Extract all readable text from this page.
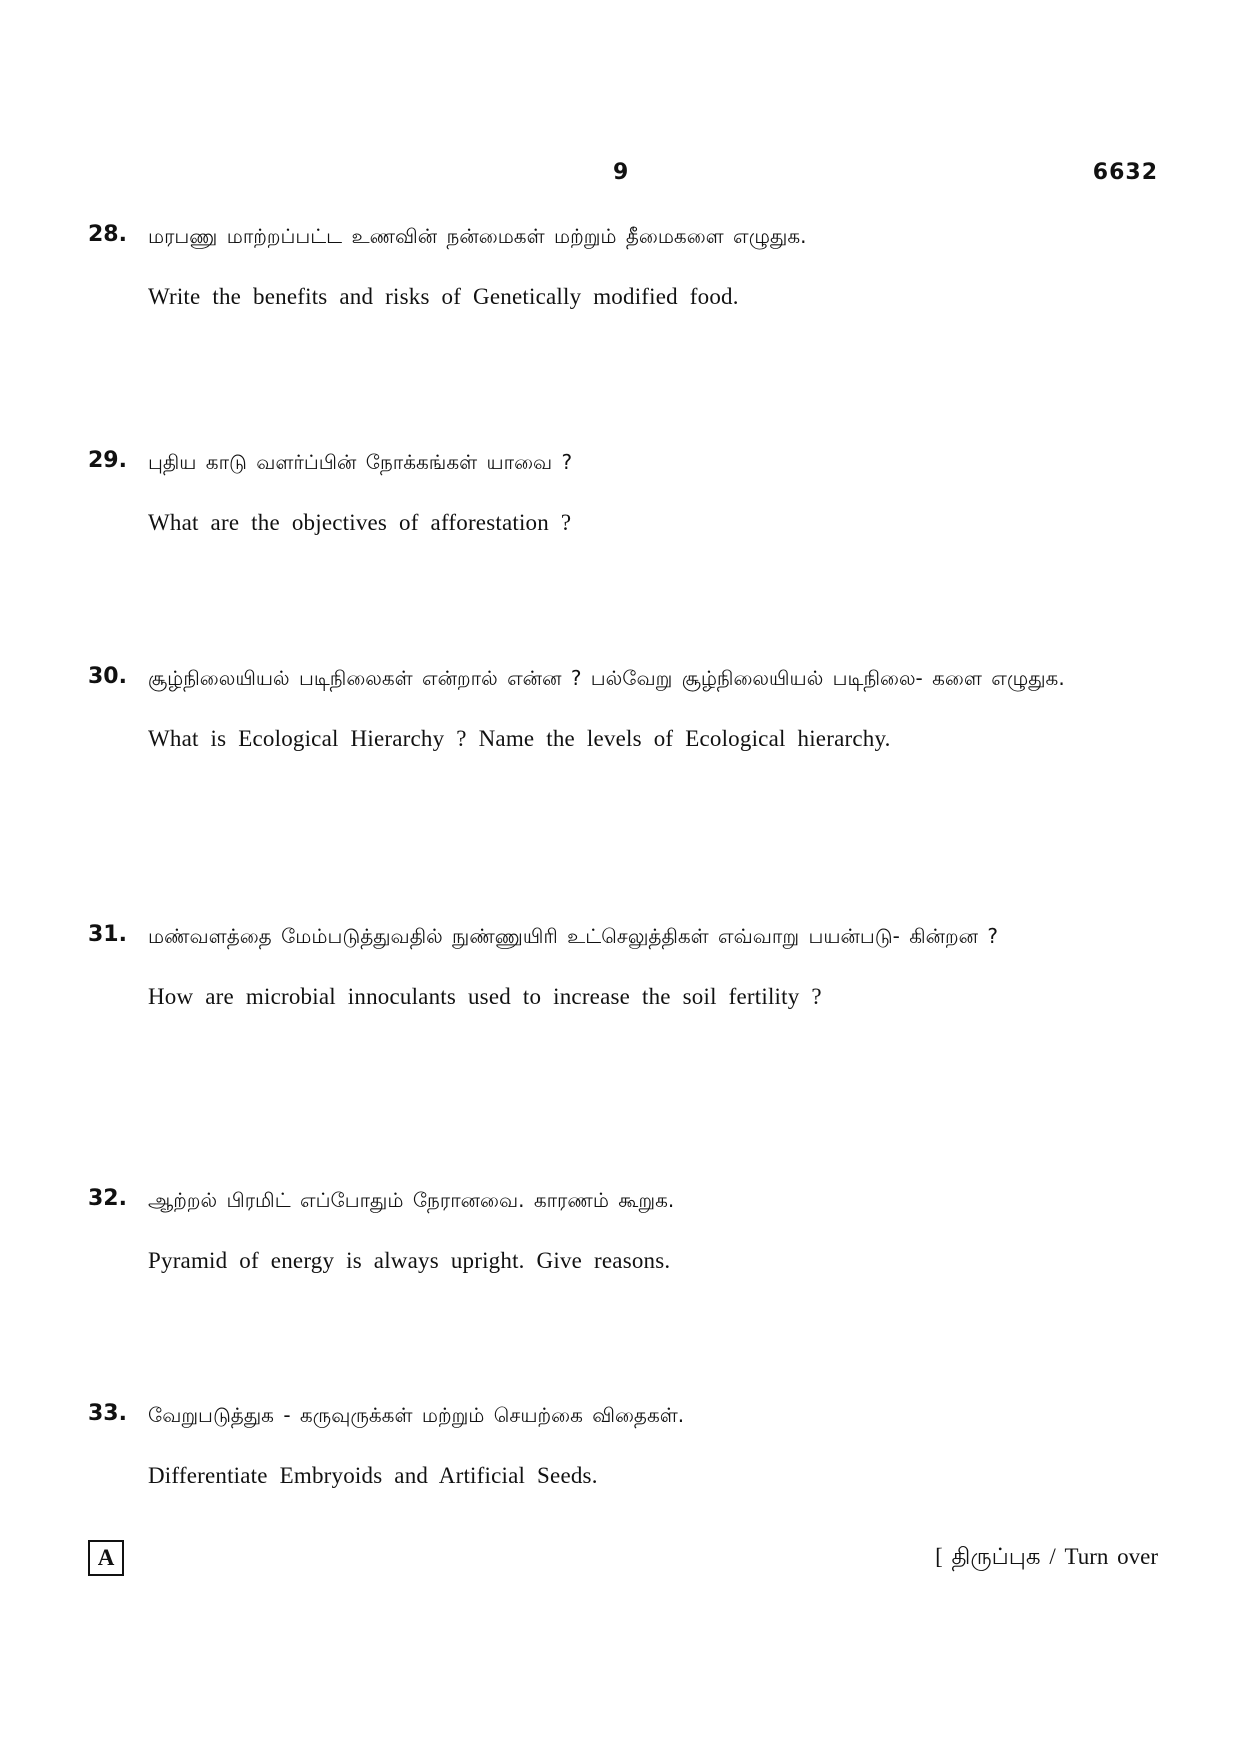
9	6632
28. மரபணு மாற்றப்பட்ட உணவின் நன்மைகள் மற்றும் தீமைகளை எழுதுக.
Write the benefits and risks of Genetically modified food.
29. புதிய காடு வளர்ப்பின் நோக்கங்கள் யாவை ?
What are the objectives of afforestation ?
30. சூழ்நிலையியல் படிநிலைகள் என்றால் என்ன ? பல்வேறு சூழ்நிலையியல் படிநிலை- களை எழுதுக.
What is Ecological Hierarchy ? Name the levels of Ecological hierarchy.
31. மண்வளத்தை மேம்படுத்துவதில் நுண்ணுயிரி உட்செலுத்திகள் எவ்வாறு பயன்படு- கின்றன ?
How are microbial innoculants used to increase the soil fertility ?
32. ஆற்றல் பிரமிட் எப்போதும் நேரானவை. காரணம் கூறுக.
Pyramid of energy is always upright. Give reasons.
33. வேறுபடுத்துக - கருவுருக்கள் மற்றும் செயற்கை விதைகள்.
Differentiate Embryoids and Artificial Seeds.
A	[ திருப்புக / Turn over
